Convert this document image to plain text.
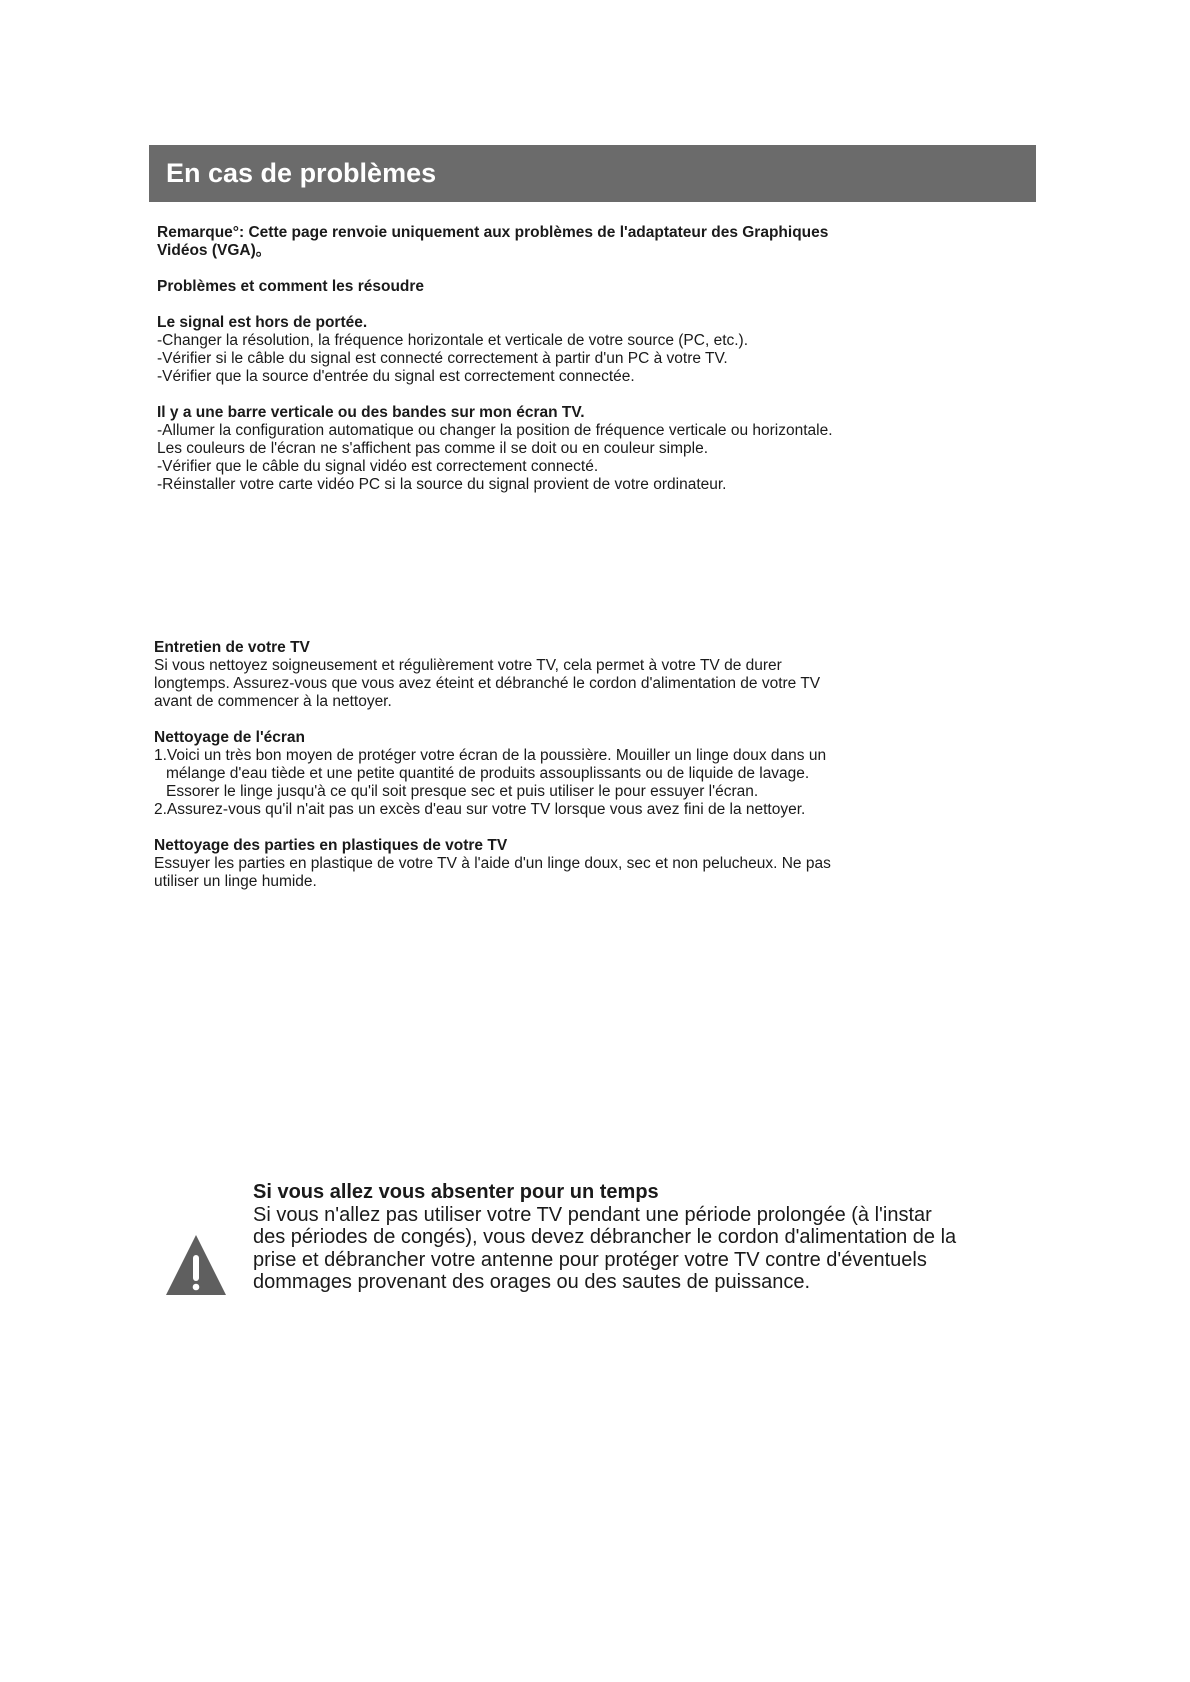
En cas de problèmes

Remarque°: Cette page renvoie uniquement aux problèmes de l'adaptateur des Graphiques

Vidéos (VGA)。

Problèmes et comment les résoudre

Le signal est hors de portée.

-Changer la résolution, la fréquence horizontale et verticale de votre source (PC, etc.).

-Vérifier si le câble du signal est connecté correctement à partir d'un PC à votre TV.

-Vérifier que la source d'entrée du signal est correctement connectée.

Il y a une barre verticale ou des bandes sur mon écran TV.

-Allumer la configuration automatique ou changer la position de fréquence verticale ou horizontale.

Les couleurs de l'écran ne s'affichent pas comme il se doit ou en couleur simple.

-Vérifier que le câble du signal vidéo est correctement connecté.

-Réinstaller votre carte vidéo PC si la source du signal provient de votre ordinateur.

Entretien de votre TV

Si vous nettoyez soigneusement et régulièrement votre TV, cela permet à votre TV de durer

longtemps. Assurez-vous que vous avez éteint et débranché le cordon d'alimentation de votre TV

avant de commencer à la nettoyer.

Nettoyage de l'écran

1.Voici un très bon moyen de protéger votre écran de la poussière. Mouiller un linge doux dans un

mélange d'eau tiède et une petite quantité de produits assouplissants ou de liquide de lavage.

Essorer le linge jusqu'à ce qu'il soit presque sec et puis utiliser le pour essuyer l'écran.

2.Assurez-vous qu'il n'ait pas un excès d'eau sur votre TV lorsque vous avez fini de la nettoyer.

Nettoyage des parties en plastiques de votre TV

Essuyer les parties en plastique de votre TV à l'aide d'un linge doux, sec et non pelucheux. Ne pas

utiliser un linge humide.

Si vous allez vous absenter pour un temps

Si vous n'allez pas utiliser votre TV pendant une période prolongée (à l'instar

des périodes de congés), vous devez débrancher le cordon d'alimentation de la

prise et débrancher votre antenne pour protéger votre TV contre d'éventuels

dommages provenant des orages ou des sautes de puissance.
